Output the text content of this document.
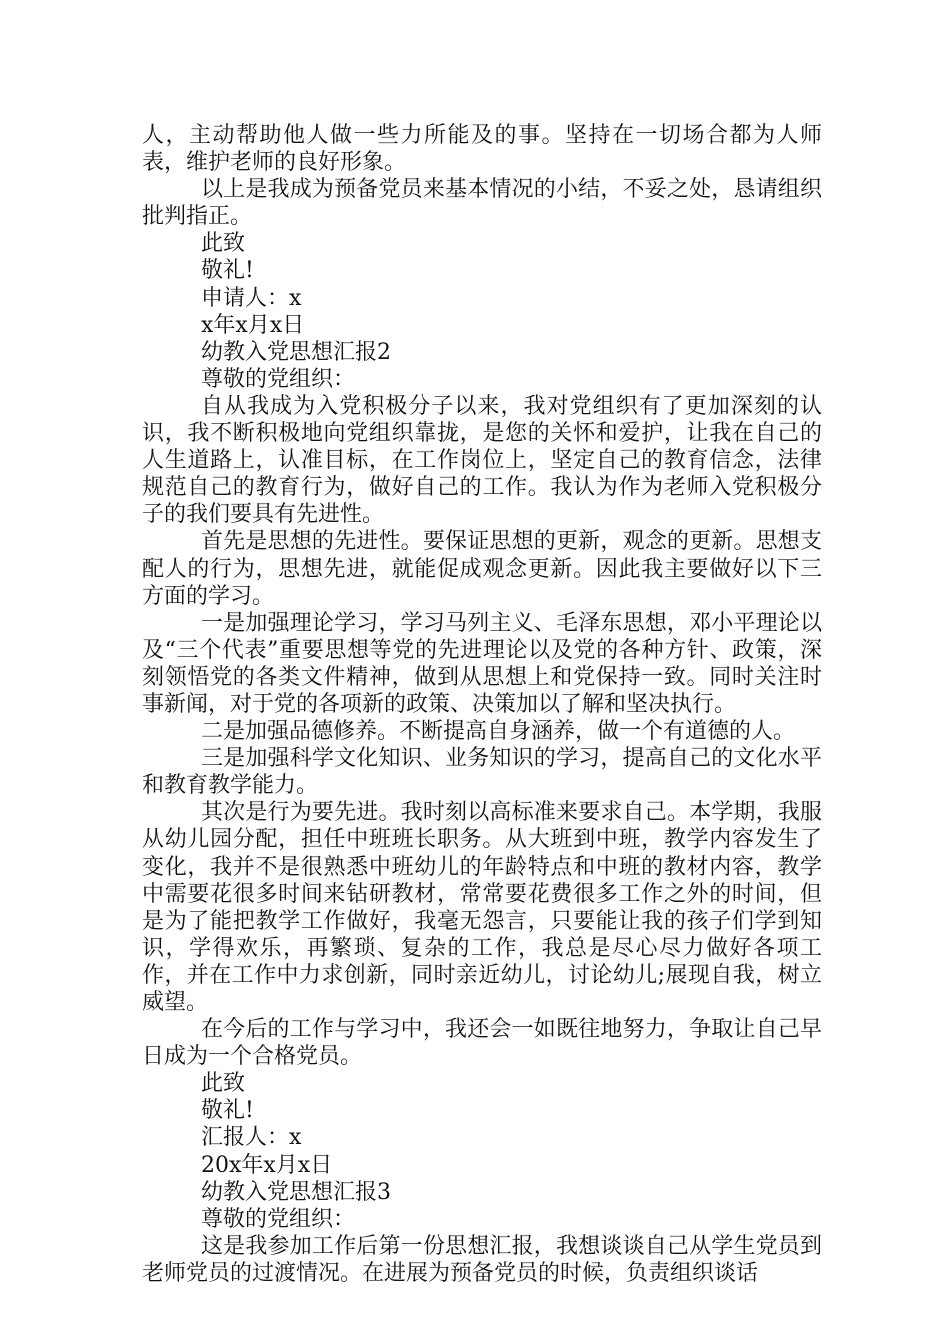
人，主动帮助他人做一些力所能及的事。坚持在一切场合都为人师表，维护老师的良好形象。

以上是我成为预备党员来基本情况的小结，不妥之处，恳请组织批判指正。

此致

敬礼!

申请人：x

x年x月x日

幼教入党思想汇报2

尊敬的党组织：

自从我成为入党积极分子以来，我对党组织有了更加深刻的认识，我不断积极地向党组织靠拢，是您的关怀和爱护，让我在自己的人生道路上，认准目标，在工作岗位上，坚定自己的教育信念，法律规范自己的教育行为，做好自己的工作。我认为作为老师入党积极分子的我们要具有先进性。

首先是思想的先进性。要保证思想的更新，观念的更新。思想支配人的行为，思想先进，就能促成观念更新。因此我主要做好以下三方面的学习。

一是加强理论学习，学习马列主义、毛泽东思想，邓小平理论以及“三个代表”重要思想等党的先进理论以及党的各种方针、政策，深刻领悟党的各类文件精神，做到从思想上和党保持一致。同时关注时事新闻，对于党的各项新的政策、决策加以了解和坚决执行。

二是加强品德修养。不断提高自身涵养，做一个有道德的人。

三是加强科学文化知识、业务知识的学习，提高自己的文化水平和教育教学能力。

其次是行为要先进。我时刻以高标准来要求自己。本学期，我服从幼儿园分配，担任中班班长职务。从大班到中班，教学内容发生了变化，我并不是很熟悉中班幼儿的年龄特点和中班的教材内容，教学中需要花很多时间来钻研教材，常常要花费很多工作之外的时间，但是为了能把教学工作做好，我毫无怨言，只要能让我的孩子们学到知识，学得欢乐，再繁琐、复杂的工作，我总是尽心尽力做好各项工作，并在工作中力求创新，同时亲近幼儿，讨论幼儿;展现自我，树立威望。

在今后的工作与学习中，我还会一如既往地努力，争取让自己早日成为一个合格党员。

此致

敬礼!

汇报人：x

20x年x月x日

幼教入党思想汇报3

尊敬的党组织：

这是我参加工作后第一份思想汇报，我想谈谈自己从学生党员到老师党员的过渡情况。在进展为预备党员的时候，负责组织谈话
